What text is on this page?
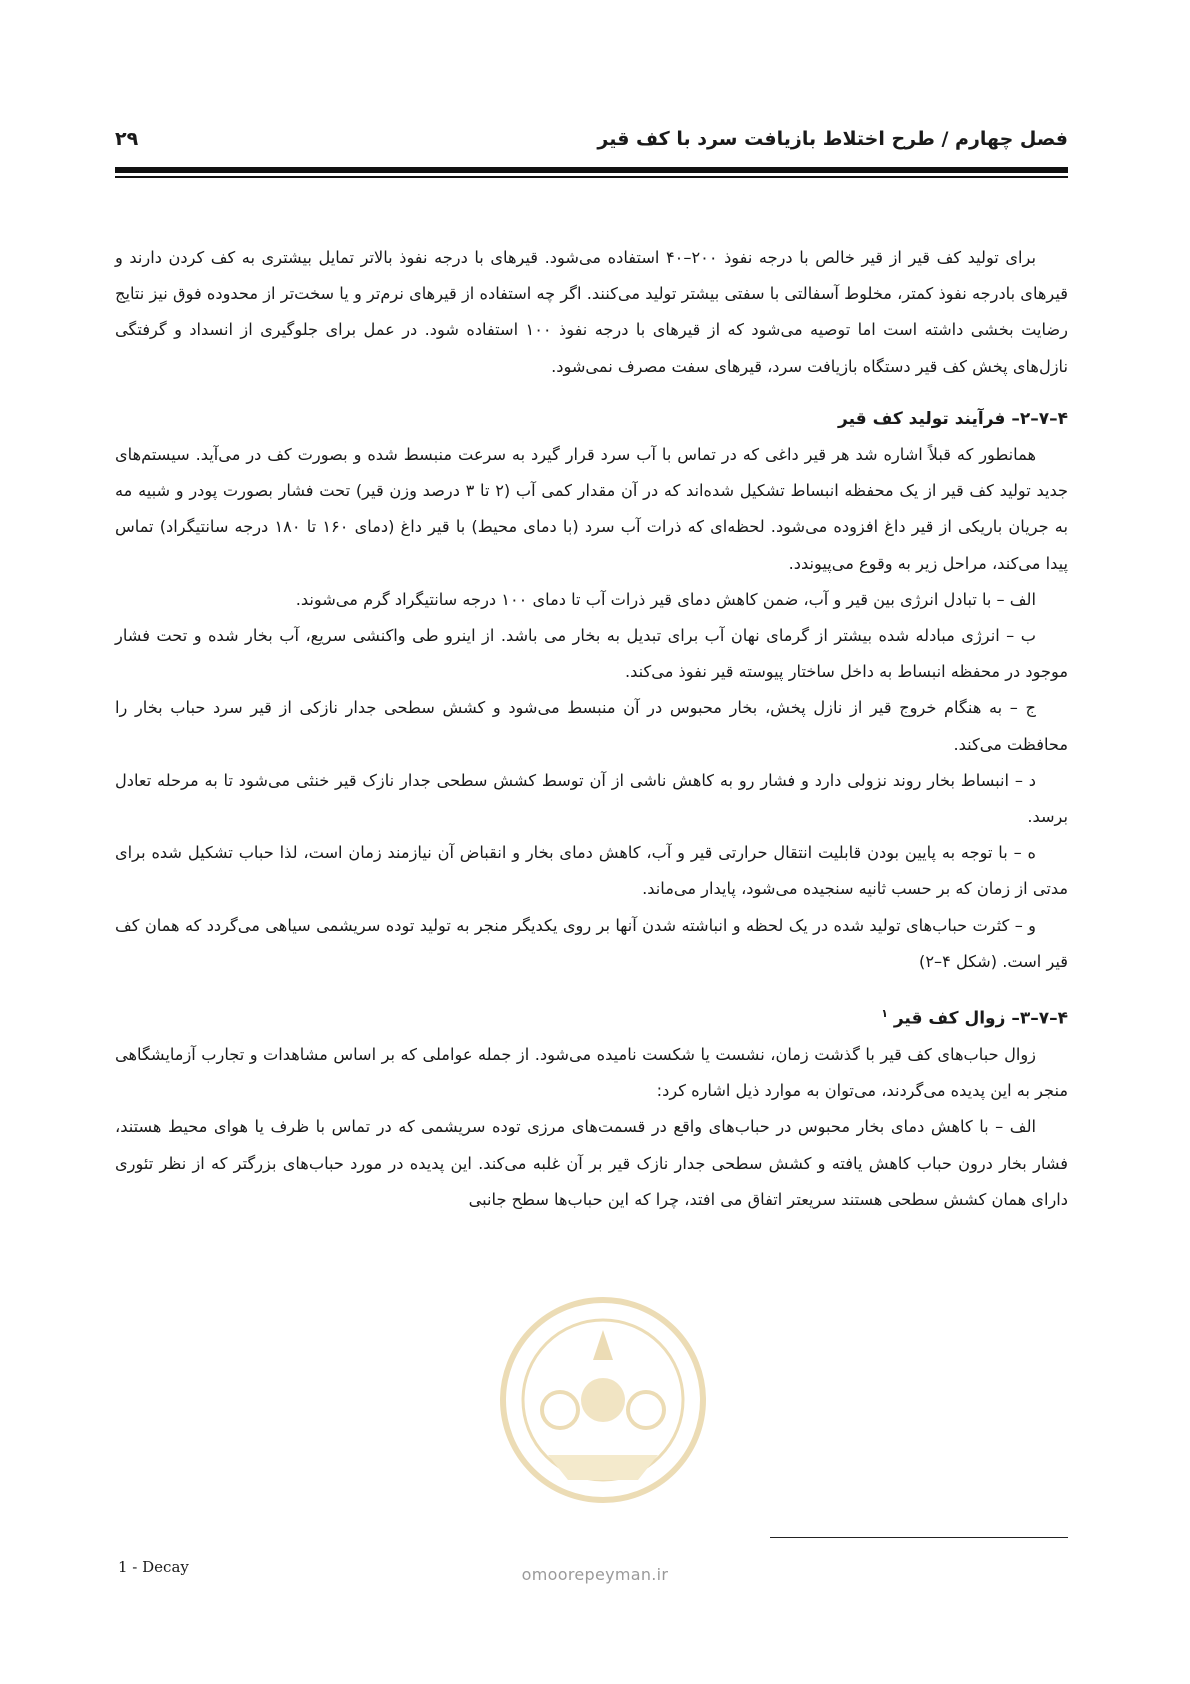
فصل چهارم / طرح اختلاط بازیافت سرد با کف قیر
۲۹

برای تولید کف قیر از قیر خالص با درجه نفوذ ۲۰۰–۴۰ استفاده می‌شود. قیرهای با درجه نفوذ بالاتر تمایل بیشتری به کف کردن دارند و قیرهای بادرجه نفوذ کمتر، مخلوط آسفالتی با سفتی بیشتر تولید می‌کنند. اگر چه استفاده از قیرهای نرم‌تر و یا سخت‌تر از محدوده فوق نیز نتایج رضایت بخشی داشته است اما توصیه می‌شود که از قیرهای با درجه نفوذ ۱۰۰ استفاده شود. در عمل برای جلوگیری از انسداد و گرفتگی نازل‌های پخش کف قیر دستگاه بازیافت سرد، قیرهای سفت مصرف نمی‌شود.

۴–۷–۲– فرآیند تولید کف قیر

همانطور که قبلاً اشاره شد هر قیر داغی که در تماس با آب سرد قرار گیرد به سرعت منبسط شده و بصورت کف در می‌آید. سیستم‌های جدید تولید کف قیر از یک محفظه انبساط تشکیل شده‌اند که در آن مقدار کمی آب (۲ تا ۳ درصد وزن قیر) تحت فشار بصورت پودر و شبیه مه به جریان باریکی از قیر داغ افزوده می‌شود. لحظه‌ای که ذرات آب سرد (با دمای محیط) با قیر داغ (دمای ۱۶۰ تا ۱۸۰ درجه سانتیگراد) تماس پیدا می‌کند، مراحل زیر به وقوع می‌پیوندد.

الف – با تبادل انرژی بین قیر و آب، ضمن کاهش دمای قیر ذرات آب تا دمای ۱۰۰ درجه سانتیگراد گرم می‌شوند.

ب – انرژی مبادله شده بیشتر از گرمای نهان آب برای تبدیل به بخار می باشد. از اینرو طی واکنشی سریع، آب بخار شده و تحت فشار موجود در محفظه انبساط به داخل ساختار پیوسته قیر نفوذ می‌کند.

ج – به هنگام خروج قیر از نازل پخش، بخار محبوس در آن منبسط می‌شود و کشش سطحی جدار نازکی از قیر سرد حباب بخار را محافظت می‌کند.

د – انبساط بخار روند نزولی دارد و فشار رو به کاهش ناشی از آن توسط کشش سطحی جدار نازک قیر خنثی می‌شود تا به مرحله تعادل برسد.

ه – با توجه به پایین بودن قابلیت انتقال حرارتی قیر و آب، کاهش دمای بخار و انقباض آن نیازمند زمان است، لذا حباب تشکیل شده برای مدتی از زمان که بر حسب ثانیه سنجیده می‌شود، پایدار می‌ماند.

و – کثرت حباب‌های تولید شده در یک لحظه و انباشته شدن آنها بر روی یکدیگر منجر به تولید توده سریشمی سیاهی می‌گردد که همان کف قیر است. (شکل ۴–۲)

۴–۷–۳– زوال کف قیر $^۱$

زوال حباب‌های کف قیر با گذشت زمان، نشست یا شکست نامیده می‌شود. از جمله عواملی که بر اساس مشاهدات و تجارب آزمایشگاهی منجر به این پدیده می‌گردند، می‌توان به موارد ذیل اشاره کرد:

الف – با کاهش دمای بخار محبوس در حباب‌های واقع در قسمت‌های مرزی توده سریشمی که در تماس با ظرف یا هوای محیط هستند، فشار بخار درون حباب کاهش یافته و کشش سطحی جدار نازک قیر بر آن غلبه می‌کند. این پدیده در مورد حباب‌های بزرگتر که از نظر تئوری دارای همان کشش سطحی هستند سریعتر اتفاق می افتد، چرا که این حباب‌ها سطح جانبی

omoorepeyman.ir
1 - Decay
